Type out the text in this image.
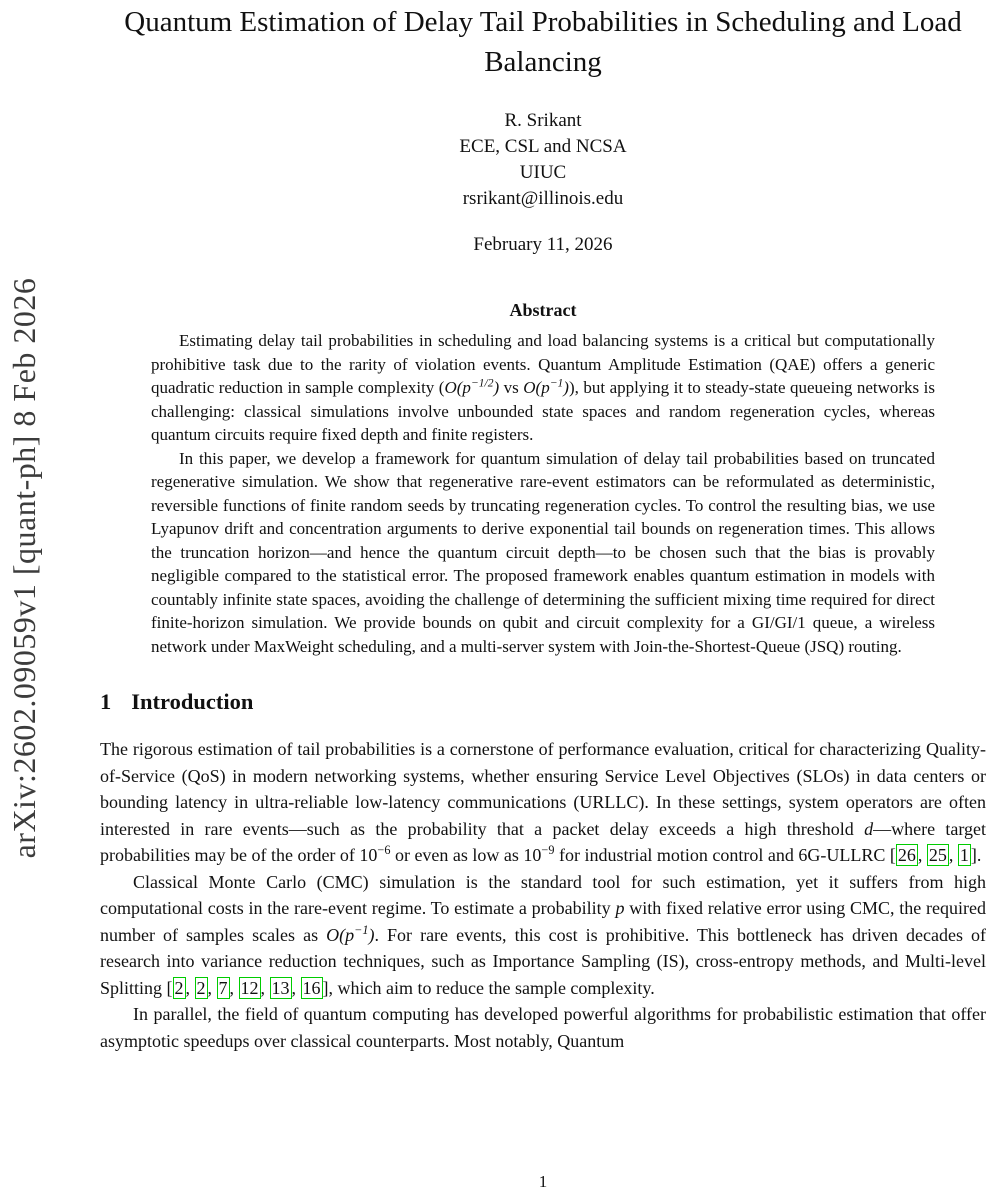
arXiv:2602.09059v1 [quant-ph] 8 Feb 2026
Quantum Estimation of Delay Tail Probabilities in Scheduling and Load Balancing
R. Srikant
ECE, CSL and NCSA
UIUC
rsrikant@illinois.edu
February 11, 2026
Abstract

Estimating delay tail probabilities in scheduling and load balancing systems is a critical but computationally prohibitive task due to the rarity of violation events. Quantum Amplitude Estimation (QAE) offers a generic quadratic reduction in sample complexity ($O(p^{-1/2})$ vs $O(p^{-1})$), but applying it to steady-state queueing networks is challenging: classical simulations involve unbounded state spaces and random regeneration cycles, whereas quantum circuits require fixed depth and finite registers.

In this paper, we develop a framework for quantum simulation of delay tail probabilities based on truncated regenerative simulation. We show that regenerative rare-event estimators can be reformulated as deterministic, reversible functions of finite random seeds by truncating regeneration cycles. To control the resulting bias, we use Lyapunov drift and concentration arguments to derive exponential tail bounds on regeneration times. This allows the truncation horizon—and hence the quantum circuit depth—to be chosen such that the bias is provably negligible compared to the statistical error. The proposed framework enables quantum estimation in models with countably infinite state spaces, avoiding the challenge of determining the sufficient mixing time required for direct finite-horizon simulation. We provide bounds on qubit and circuit complexity for a GI/GI/1 queue, a wireless network under MaxWeight scheduling, and a multi-server system with Join-the-Shortest-Queue (JSQ) routing.

1 Introduction

The rigorous estimation of tail probabilities is a cornerstone of performance evaluation, critical for characterizing Quality-of-Service (QoS) in modern networking systems, whether ensuring Service Level Objectives (SLOs) in data centers or bounding latency in ultra-reliable low-latency communications (URLLC). In these settings, system operators are often interested in rare events—such as the probability that a packet delay exceeds a high threshold d—where target probabilities may be of the order of $10^{-6}$ or even as low as $10^{-9}$ for industrial motion control and 6G-ULLRC [ 26 , 25 , 1 ].

Classical Monte Carlo (CMC) simulation is the standard tool for such estimation, yet it suffers from high computational costs in the rare-event regime. To estimate a probability p with fixed relative error using CMC, the required number of samples scales as $O(p^{-1})$. For rare events, this cost is prohibitive. This bottleneck has driven decades of research into variance reduction techniques, such as Importance Sampling (IS), cross-entropy methods, and Multi-level Splitting [ 2 , 2 , 7 , 12 , 13 , 16 ], which aim to reduce the sample complexity.

In parallel, the field of quantum computing has developed powerful algorithms for probabilistic estimation that offer asymptotic speedups over classical counterparts. Most notably, Quantum

1
